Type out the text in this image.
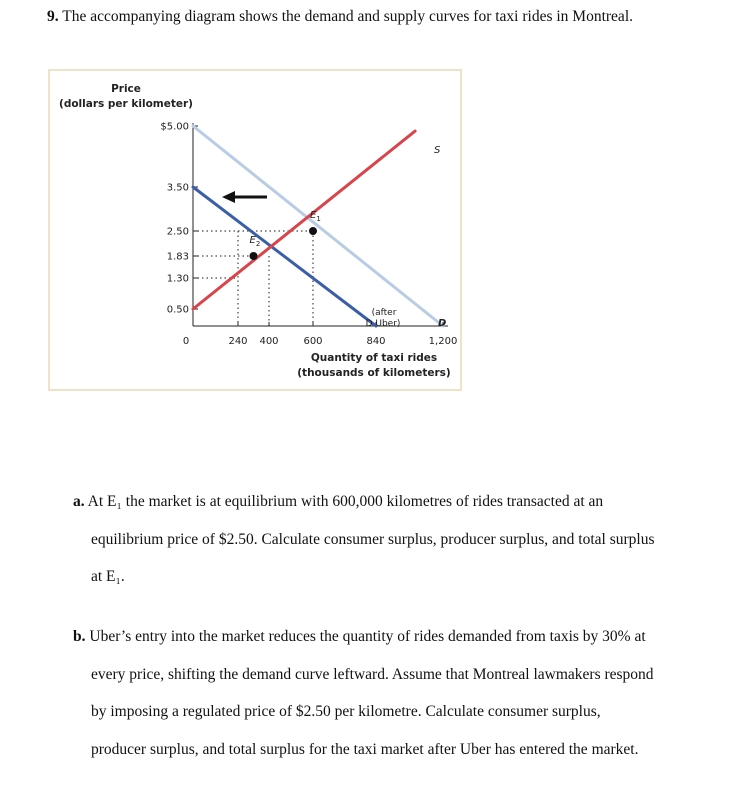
9. The accompanying diagram shows the demand and supply curves for taxi rides in Montreal.
Price
(dollars per kilometer)
Quantity of taxi rides
(thousands of kilometers)
0
$5.00
3.50
2.50
1.83
1.30
0.50
240 400 600	840	1,200
S
D
(after
D Uber)
$E_1$
$E_2$
a. At E₁ the market is at equilibrium with 600,000 kilometres of rides transacted at an
equilibrium price of $2.50. Calculate consumer surplus, producer surplus, and total surplus
at E₁.
b. Uber’s entry into the market reduces the quantity of rides demanded from taxis by 30% at
every price, shifting the demand curve leftward. Assume that Montreal lawmakers respond
by imposing a regulated price of $2.50 per kilometre. Calculate consumer surplus,
producer surplus, and total surplus for the taxi market after Uber has entered the market.
